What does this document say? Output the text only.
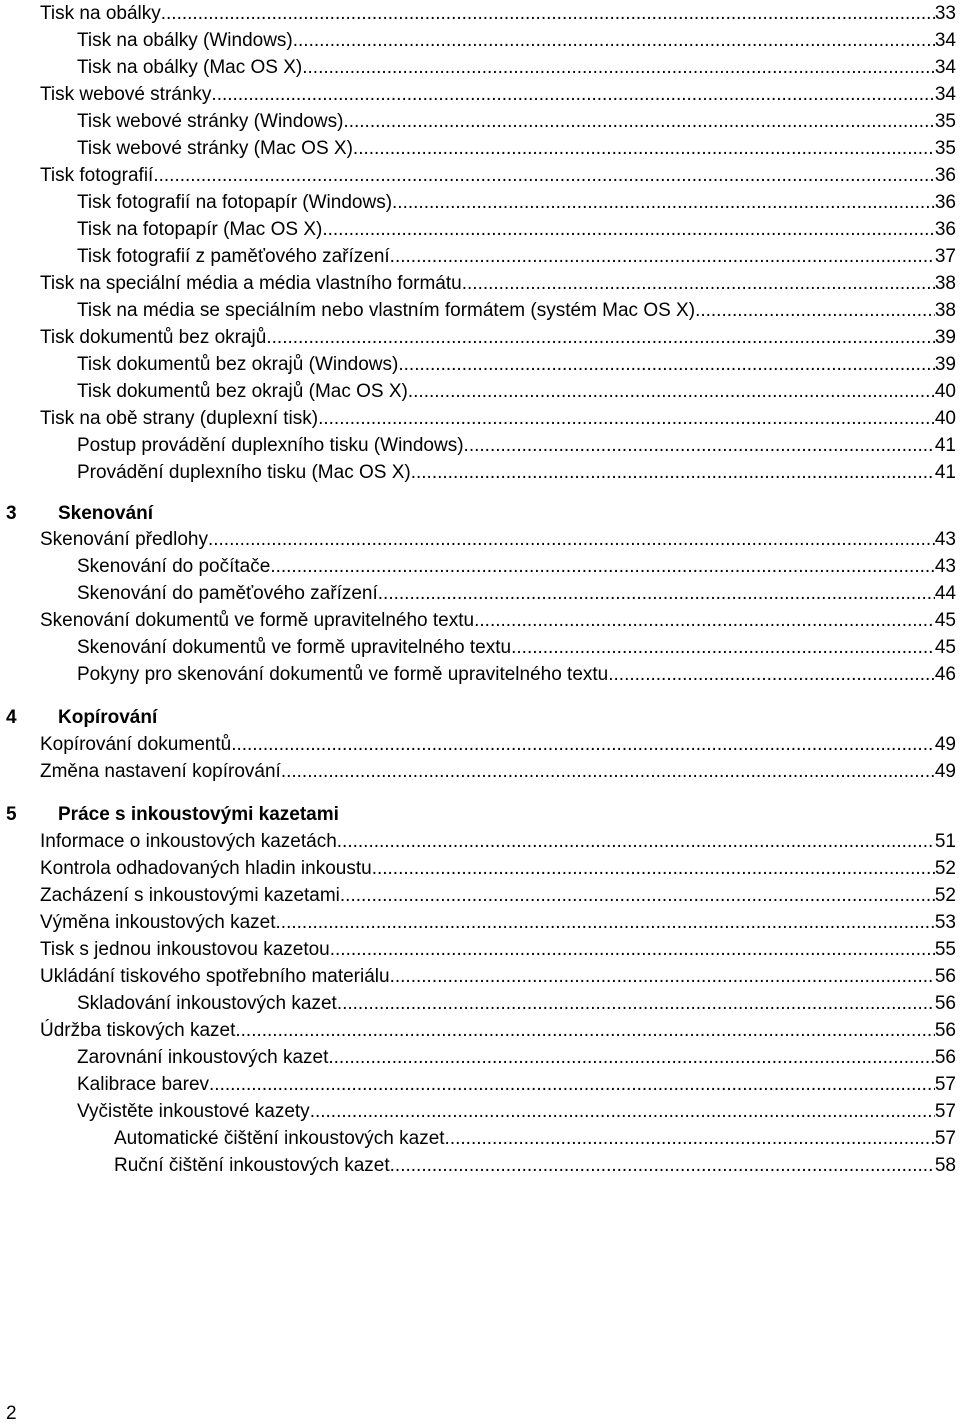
Tisk na obálky .....	33
Tisk na obálky (Windows) .....	34
Tisk na obálky (Mac OS X) .....	34
Tisk webové stránky .....	34
Tisk webové stránky (Windows) .....	35
Tisk webové stránky (Mac OS X) .....	35
Tisk fotografií .....	36
Tisk fotografií na fotopapír (Windows) .....	36
Tisk na fotopapír (Mac OS X) .....	36
Tisk fotografií z paměťového zařízení. .....	37
Tisk na speciální média a média vlastního formátu .....	38
Tisk na média se speciálním nebo vlastním formátem (systém Mac OS X) .....	38
Tisk dokumentů bez okrajů .....	39
Tisk dokumentů bez okrajů (Windows) .....	39
Tisk dokumentů bez okrajů (Mac OS X) .....	40
Tisk na obě strany (duplexní tisk) .....	40
Postup provádění duplexního tisku (Windows) .....	41
Provádění duplexního tisku (Mac OS X) .....	41
3 Skenování
Skenování předlohy .....	43
Skenování do počítače .....	43
Skenování do paměťového zařízení .....	44
Skenování dokumentů ve formě upravitelného textu .....	45
Skenování dokumentů ve formě upravitelného textu .....	45
Pokyny pro skenování dokumentů ve formě upravitelného textu .....	46
4 Kopírování
Kopírování dokumentů .....	49
Změna nastavení kopírování .....	49
5 Práce s inkoustovými kazetami
Informace o inkoustových kazetách .....	51
Kontrola odhadovaných hladin inkoustu .....	52
Zacházení s inkoustovými kazetami .....	52
Výměna inkoustových kazet .....	53
Tisk s jednou inkoustovou kazetou .....	55
Ukládání tiskového spotřebního materiálu .....	56
Skladování inkoustových kazet .....	56
Údržba tiskových kazet .....	56
Zarovnání inkoustových kazet .....	56
Kalibrace barev .....	57
Vyčistěte inkoustové kazety .....	57
Automatické čištění inkoustových kazet .....	57
Ruční čištění inkoustových kazet .....	58
2
